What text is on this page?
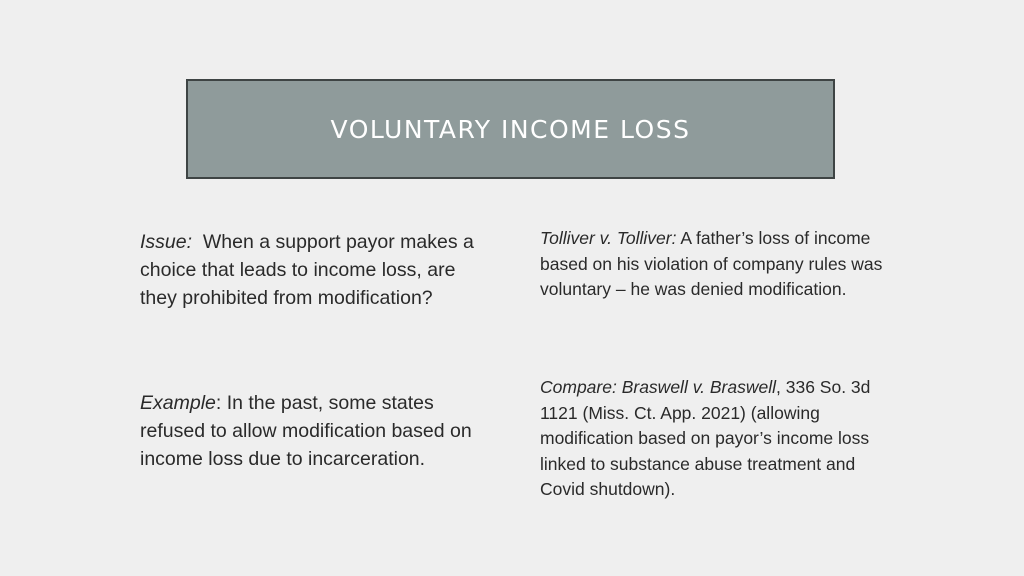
VOLUNTARY INCOME LOSS

Issue: When a support payor makes a choice that leads to income loss, are they prohibited from modification?

Example: In the past, some states refused to allow modification based on income loss due to incarceration.

Tolliver v. Tolliver: A father’s loss of income based on his violation of company rules was voluntary – he was denied modification.

Compare: Braswell v. Braswell, 336 So. 3d 1121 (Miss. Ct. App. 2021) (allowing modification based on payor’s income loss linked to substance abuse treatment and Covid shutdown).
